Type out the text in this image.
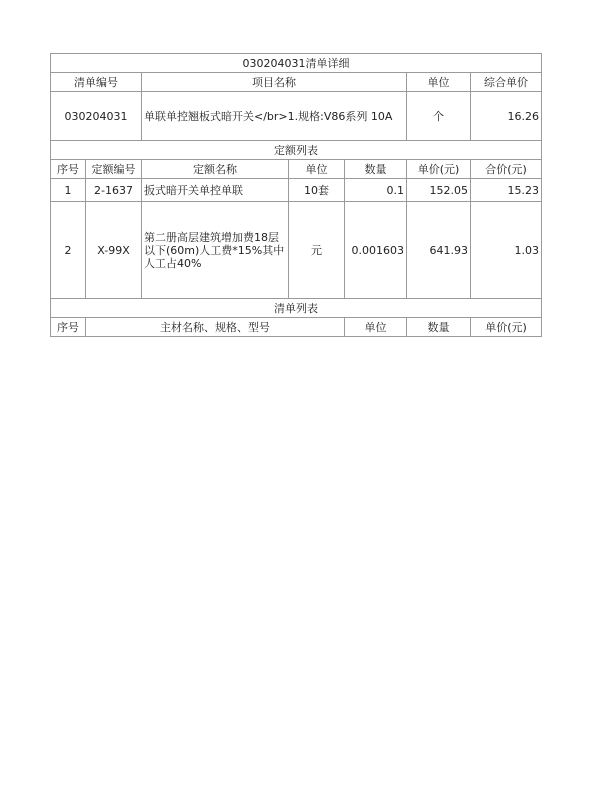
030204031清单详细						
清单编号		项目名称			单位	综合单价
030204031		单联单控翘板式暗开关</br>1.规格:V86系列 10A			个	16.26
定额列表						
序号	定额编号	定额名称	单位	数量	单价(元)	合价(元)
1	2-1637	扳式暗开关单控单联	10套	0.1	152.05	15.23
2	X-99X	第二册高层建筑增加费18层以下(60m)人工费*15%其中人工占40%	元	0.001603	641.93	1.03
清单列表						
序号	主材名称、规格、型号			单位	数量	单价(元)
